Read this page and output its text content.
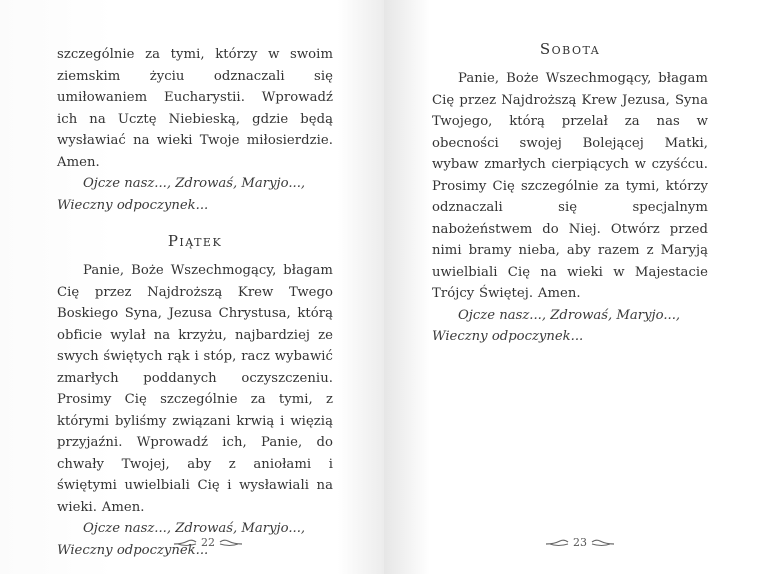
szczególnie za tymi, którzy w swoim ziemskim życiu odznaczali się umiłowaniem Eucharystii. Wprowadź ich na Ucztę Niebieską, gdzie będą wysławiać na wieki Twoje miłosierdzie. Amen.

Ojcze nasz..., Zdrowaś, Maryjo..., Wieczny odpoczynek...

Piątek

Panie, Boże Wszechmogący, błagam Cię przez Najdroższą Krew Twego Boskiego Syna, Jezusa Chrystusa, którą obficie wylał na krzyżu, najbardziej ze swych świętych rąk i stóp, racz wybawić zmarłych poddanych oczyszczeniu. Prosimy Cię szczególnie za tymi, z którymi byliśmy związani krwią i więzią przyjaźni. Wprowadź ich, Panie, do chwały Twojej, aby z aniołami i świętymi uwielbiali Cię i wysławiali na wieki. Amen.

Ojcze nasz..., Zdrowaś, Maryjo..., Wieczny odpoczynek...

22
Sobota

Panie, Boże Wszechmogący, błagam Cię przez Najdroższą Krew Jezusa, Syna Twojego, którą przelał za nas w obecności swojej Bolejącej Matki, wybaw zmarłych cierpiących w czyśćcu. Prosimy Cię szczególnie za tymi, którzy odznaczali się specjalnym nabożeństwem do Niej. Otwórz przed nimi bramy nieba, aby razem z Maryją uwielbiali Cię na wieki w Majestacie Trójcy Świętej. Amen.

Ojcze nasz..., Zdrowaś, Maryjo..., Wieczny odpoczynek...

23
